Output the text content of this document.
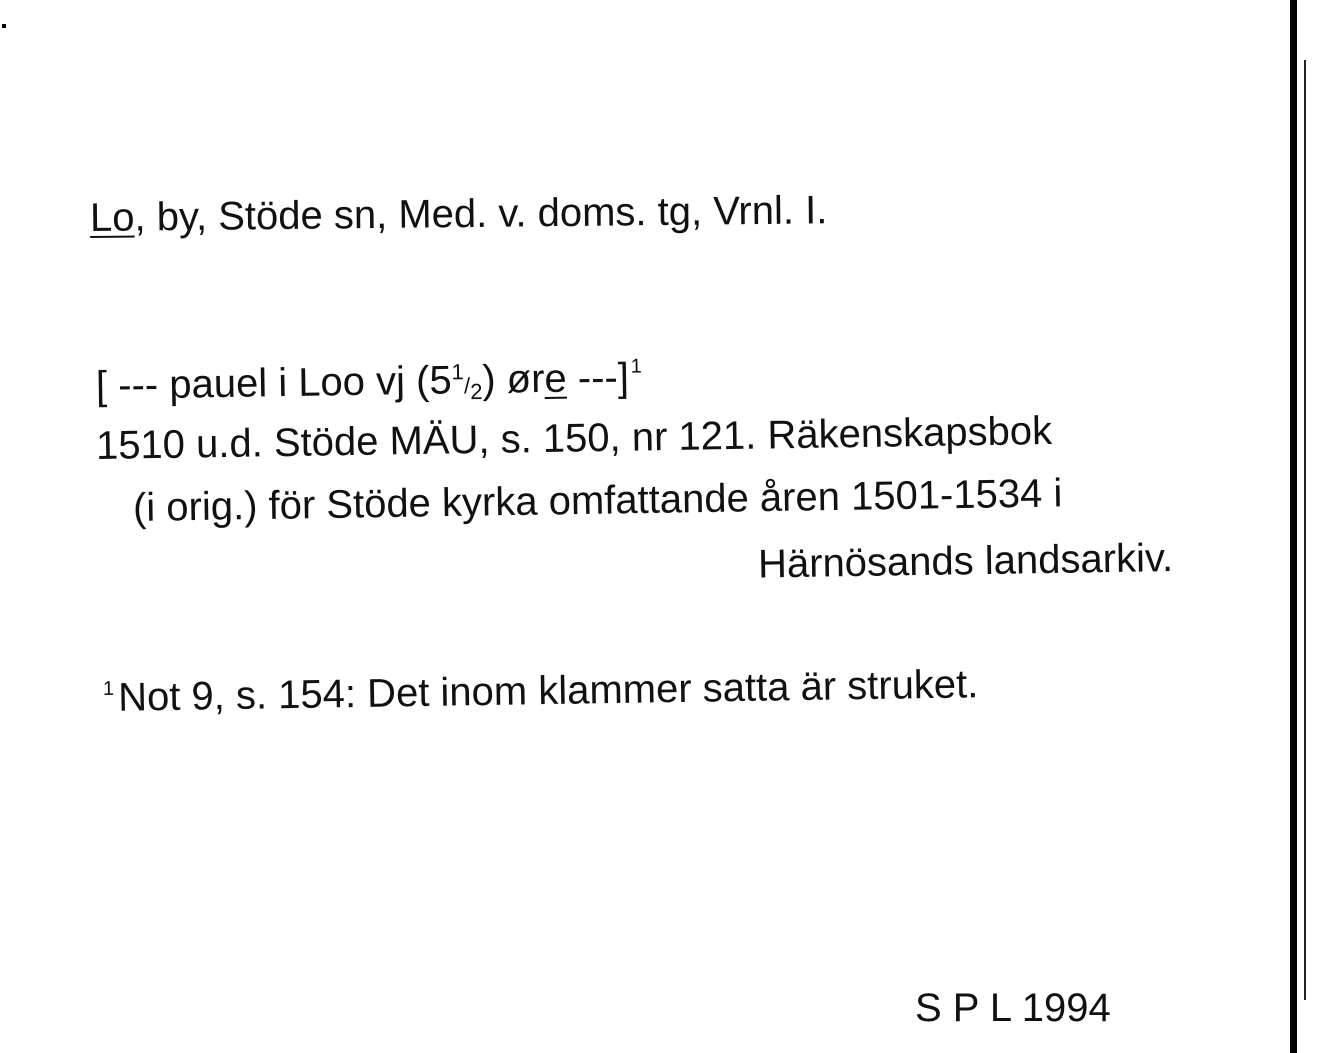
Lo, by, Stöde sn, Med. v. doms. tg, Vrnl. I.
[ --- pauel i Loo vj (51/2) øre ---]$^1$
1510 u.d. Stöde MÄU, s. 150, nr 121. Räkenskapsbok
(i orig.) för Stöde kyrka omfattande åren 1501-1534 i
Härnösands landsarkiv.
$^1$Not 9, s. 154: Det inom klammer satta är struket.
S P L 1994
